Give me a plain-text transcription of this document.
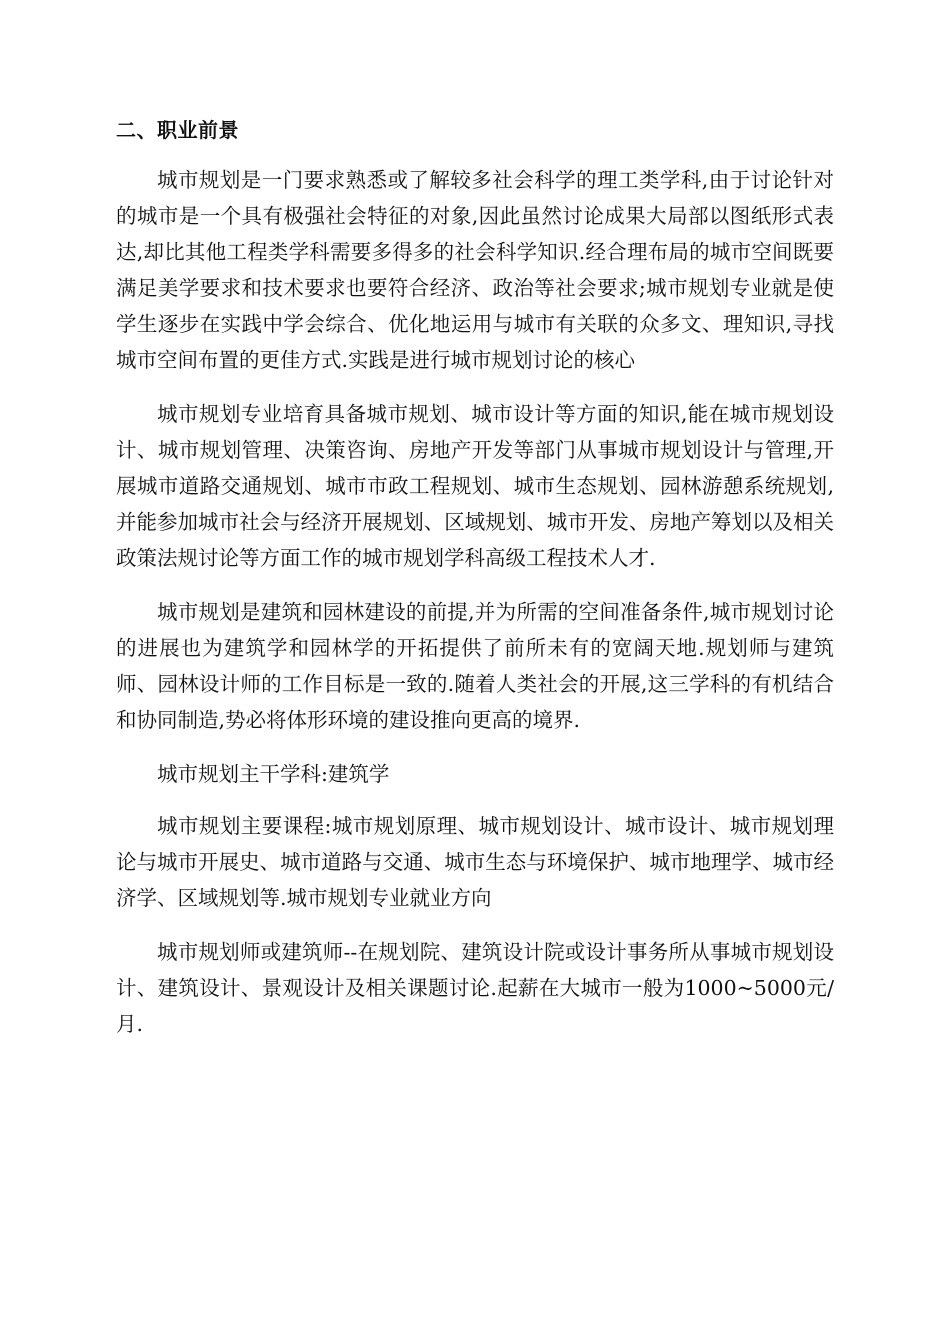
二、职业前景

城市规划是一门要求熟悉或了解较多社会科学的理工类学科,由于讨论针对的城市是一个具有极强社会特征的对象,因此虽然讨论成果大局部以图纸形式表达,却比其他工程类学科需要多得多的社会科学知识.经合理布局的城市空间既要满足美学要求和技术要求也要符合经济、政治等社会要求;城市规划专业就是使学生逐步在实践中学会综合、优化地运用与城市有关联的众多文、理知识,寻找城市空间布置的更佳方式.实践是进行城市规划讨论的核心

城市规划专业培育具备城市规划、城市设计等方面的知识,能在城市规划设计、城市规划管理、决策咨询、房地产开发等部门从事城市规划设计与管理,开展城市道路交通规划、城市市政工程规划、城市生态规划、园林游憩系统规划,并能参加城市社会与经济开展规划、区域规划、城市开发、房地产筹划以及相关政策法规讨论等方面工作的城市规划学科高级工程技术人才.

城市规划是建筑和园林建设的前提,并为所需的空间准备条件,城市规划讨论的进展也为建筑学和园林学的开拓提供了前所未有的宽阔天地.规划师与建筑师、园林设计师的工作目标是一致的.随着人类社会的开展,这三学科的有机结合和协同制造,势必将体形环境的建设推向更高的境界.

城市规划主干学科:建筑学

城市规划主要课程:城市规划原理、城市规划设计、城市设计、城市规划理论与城市开展史、城市道路与交通、城市生态与环境保护、城市地理学、城市经济学、区域规划等.城市规划专业就业方向

城市规划师或建筑师--在规划院、建筑设计院或设计事务所从事城市规划设计、建筑设计、景观设计及相关课题讨论.起薪在大城市一般为1000~5000元/月.
